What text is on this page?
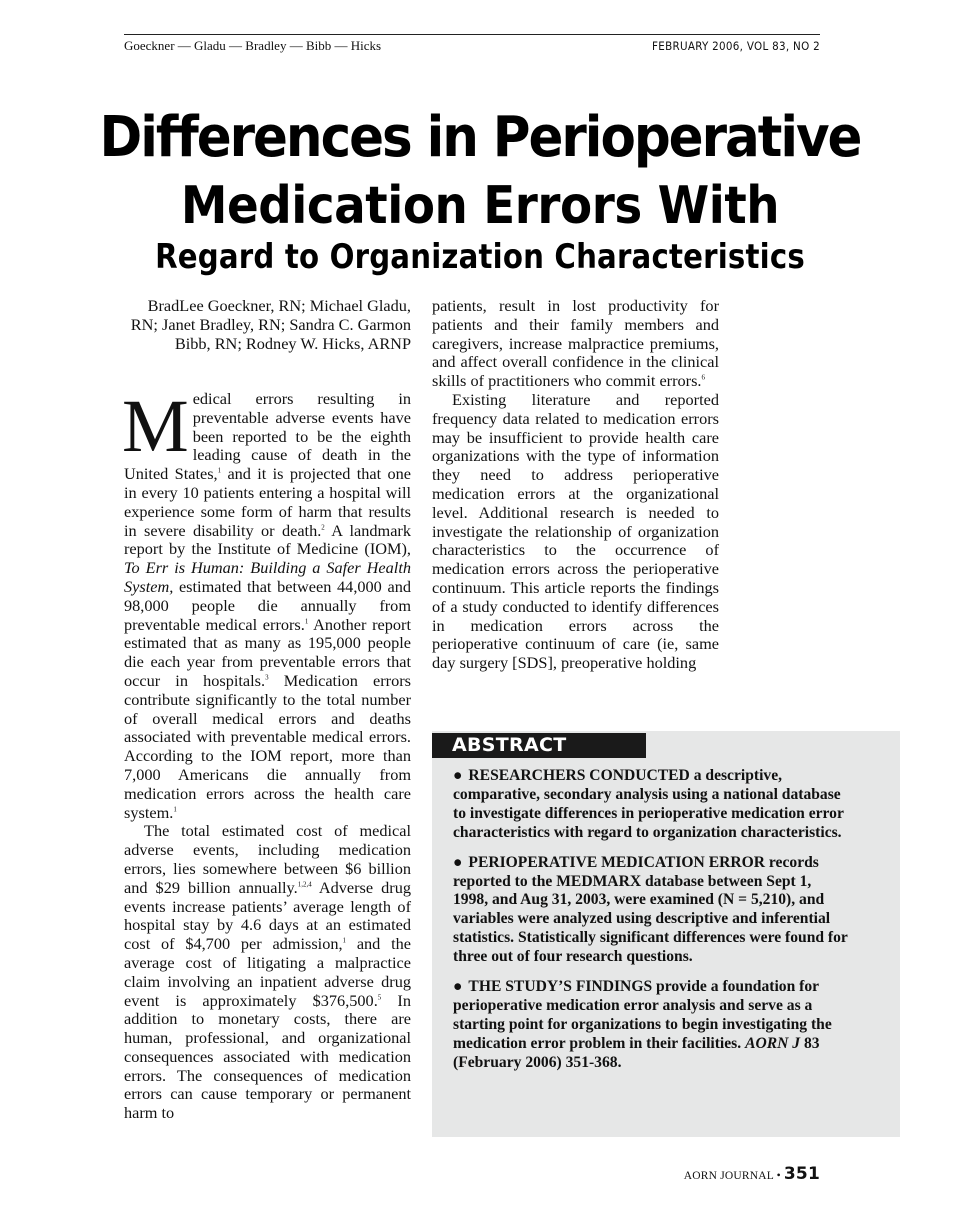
Goeckner — Gladu — Bradley — Bibb — Hicks	FEBRUARY 2006, VOL 83, NO 2
Differences in Perioperative
Medication Errors With
Regard to Organization Characteristics
BradLee Goeckner, RN; Michael Gladu, RN; Janet Bradley, RN; Sandra C. Garmon Bibb, RN; Rodney W. Hicks, ARNP

Medical errors resulting in preventable adverse events have been reported to be the eighth leading cause of death in the United States,$^1$ and it is projected that one in every 10 patients entering a hospital will experience some form of harm that results in severe disability or death.$^2$ A landmark report by the Institute of Medicine (IOM), To Err is Human: Building a Safer Health System, estimated that between 44,000 and 98,000 people die annually from preventable medical errors.$^1$ Another report estimated that as many as 195,000 people die each year from preventable errors that occur in hospitals.$^3$ Medication errors contribute significantly to the total number of overall medical errors and deaths associated with preventable medical errors. According to the IOM report, more than 7,000 Americans die annually from medication errors across the health care system.$^1$

The total estimated cost of medical adverse events, including medication errors, lies somewhere between $6 billion and $29 billion annually.$^{1,2,4}$ Adverse drug events increase patients’ average length of hospital stay by 4.6 days at an estimated cost of $4,700 per admission,$^1$ and the average cost of litigating a malpractice claim involving an inpatient adverse drug event is approximately $376,500.$^5$ In addition to monetary costs, there are human, professional, and organizational consequences associated with medication errors. The consequences of medication errors can cause temporary or permanent harm to

patients, result in lost productivity for patients and their family members and caregivers, increase malpractice premiums, and affect overall confidence in the clinical skills of practitioners who commit errors.$^6$

Existing literature and reported frequency data related to medication errors may be insufficient to provide health care organizations with the type of information they need to address perioperative medication errors at the organizational level. Additional research is needed to investigate the relationship of organization characteristics to the occurrence of medication errors across the perioperative continuum. This article reports the findings of a study conducted to identify differences in medication errors across the perioperative continuum of care (ie, same day surgery [SDS], preoperative holding

ABSTRACT

● RESEARCHERS CONDUCTED a descriptive, comparative, secondary analysis using a national database to investigate differences in perioperative medication error characteristics with regard to organization characteristics.

● PERIOPERATIVE MEDICATION ERROR records reported to the MEDMARX database between Sept 1, 1998, and Aug 31, 2003, were examined (N = 5,210), and variables were analyzed using descriptive and inferential statistics. Statistically significant differences were found for three out of four research questions.

● THE STUDY’S FINDINGS provide a foundation for perioperative medication error analysis and serve as a starting point for organizations to begin investigating the medication error problem in their facilities. AORN J 83 (February 2006) 351-368.

AORN JOURNAL • 351
